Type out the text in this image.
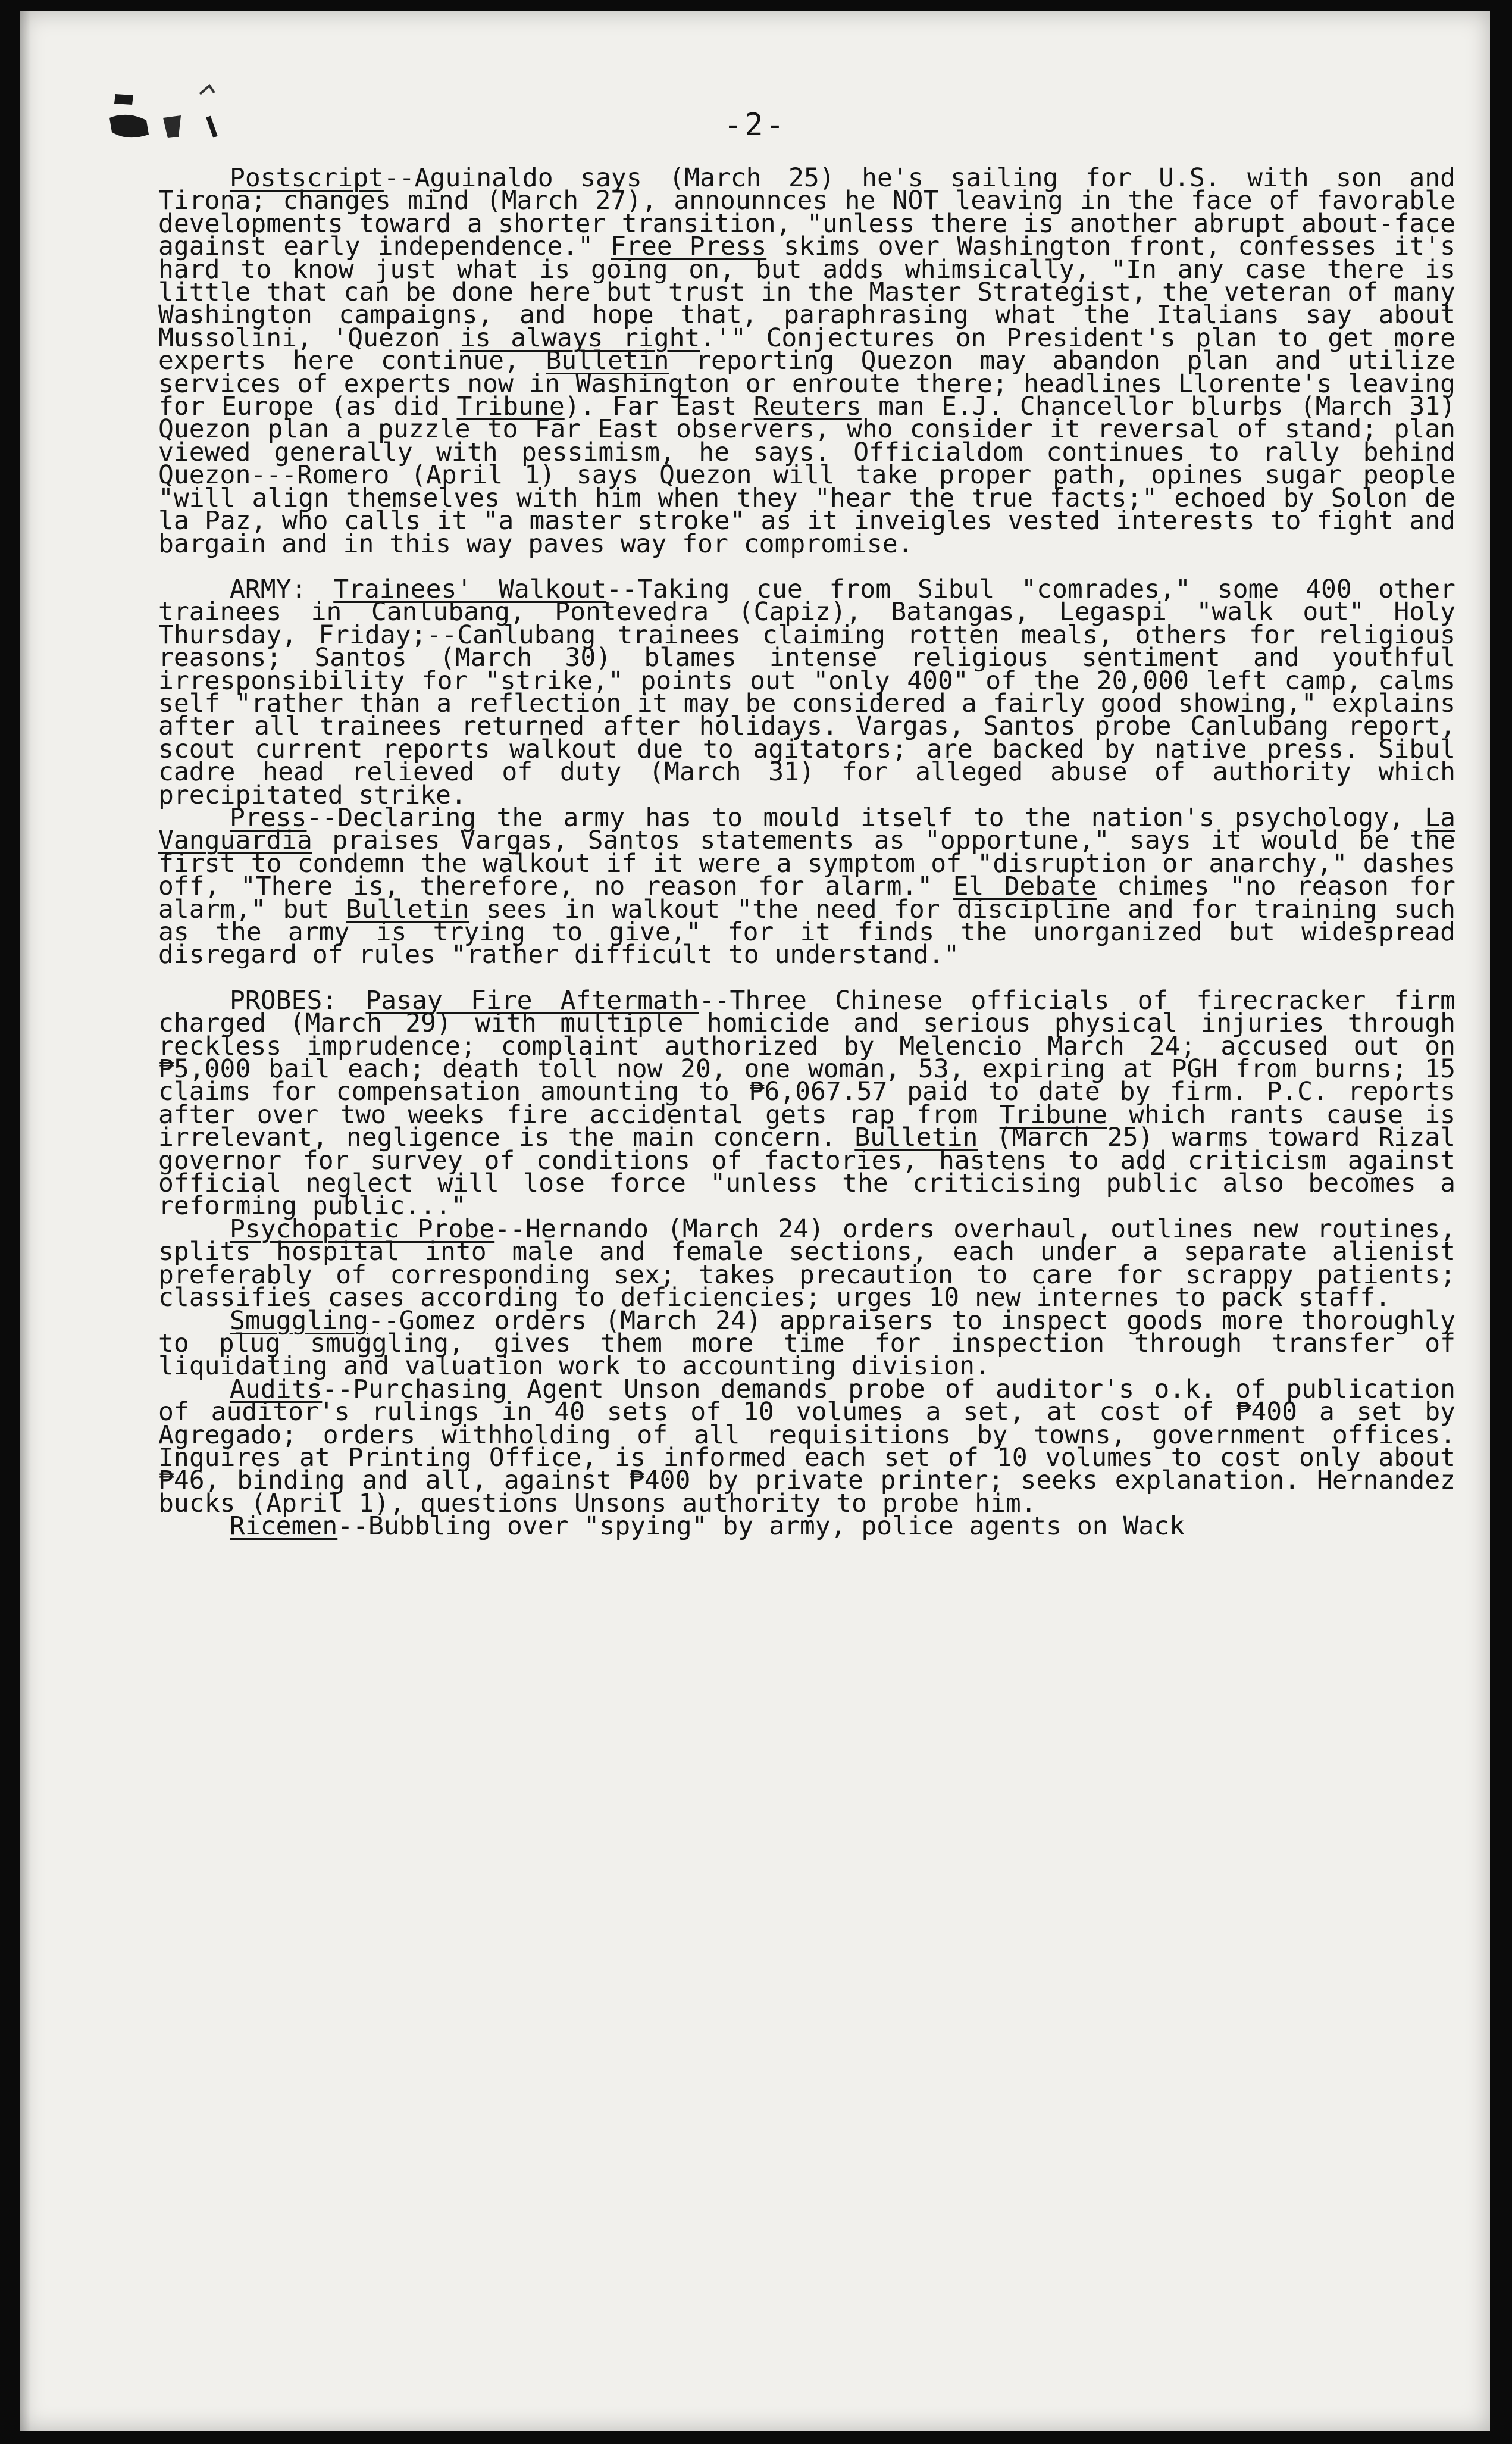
-2-

Postscript--Aguinaldo says (March 25) he's sailing for U.S. with son and Tirona; changes mind (March 27), announnces he NOT leaving in the face of favorable developments toward a shorter transition, "unless there is another abrupt about-face against early independence." Free Press skims over Washington front, confesses it's hard to know just what is going on, but adds whimsically, "In any case there is little that can be done here but trust in the Master Strategist, the veteran of many Washington campaigns, and hope that, paraphrasing what the Italians say about Mussolini, 'Quezon is always right.'" Conjectures on President's plan to get more experts here continue, Bulletin reporting Quezon may abandon plan and utilize services of experts now in Washington or enroute there; headlines Llorente's leaving for Europe (as did Tribune). Far East Reuters man E.J. Chancellor blurbs (March 31) Quezon plan a puzzle to Far East observers, who consider it reversal of stand; plan viewed generally with pessimism, he says. Officialdom continues to rally behind Quezon---Romero (April 1) says Quezon will take proper path, opines sugar people "will align themselves with him when they "hear the true facts;" echoed by Solon de la Paz, who calls it "a master stroke" as it inveigles vested interests to fight and bargain and in this way paves way for compromise.

ARMY: Trainees' Walkout--Taking cue from Sibul "comrades," some 400 other trainees in Canlubang, Pontevedra (Capiz), Batangas, Legaspi "walk out" Holy Thursday, Friday;--Canlubang trainees claiming rotten meals, others for religious reasons; Santos (March 30) blames intense religious sentiment and youthful irresponsibility for "strike," points out "only 400" of the 20,000 left camp, calms self "rather than a reflection it may be considered a fairly good showing," explains after all trainees returned after holidays. Vargas, Santos probe Canlubang report, scout current reports walkout due to agitators; are backed by native press. Sibul cadre head relieved of duty (March 31) for alleged abuse of authority which precipitated strike.

Press--Declaring the army has to mould itself to the nation's psychology, La Vanguardia praises Vargas, Santos statements as "opportune," says it would be the first to condemn the walkout if it were a symptom of "disruption or anarchy," dashes off, "There is, therefore, no reason for alarm." El Debate chimes "no reason for alarm," but Bulletin sees in walkout "the need for discipline and for training such as the army is trying to give," for it finds the unorganized but widespread disregard of rules "rather difficult to understand."

PROBES: Pasay Fire Aftermath--Three Chinese officials of firecracker firm charged (March 29) with multiple homicide and serious physical injuries through reckless imprudence; complaint authorized by Melencio March 24; accused out on ₱5,000 bail each; death toll now 20, one woman, 53, expiring at PGH from burns; 15 claims for compensation amounting to ₱6,067.57 paid to date by firm. P.C. reports after over two weeks fire accidental gets rap from Tribune which rants cause is irrelevant, negligence is the main concern. Bulletin (March 25) warms toward Rizal governor for survey of conditions of factories, hastens to add criticism against official neglect will lose force "unless the criticising public also becomes a reforming public..."

Psychopatic Probe--Hernando (March 24) orders overhaul, outlines new routines, splits hospital into male and female sections, each under a separate alienist preferably of corresponding sex; takes precaution to care for scrappy patients; classifies cases according to deficiencies; urges 10 new internes to pack staff.

Smuggling--Gomez orders (March 24) appraisers to inspect goods more thoroughly to plug smuggling, gives them more time for inspection through transfer of liquidating and valuation work to accounting division.

Audits--Purchasing Agent Unson demands probe of auditor's o.k. of publication of auditor's rulings in 40 sets of 10 volumes a set, at cost of ₱400 a set by Agregado; orders withholding of all requisitions by towns, government offices. Inquires at Printing Office, is informed each set of 10 volumes to cost only about ₱46, binding and all, against ₱400 by private printer; seeks explanation. Hernandez bucks (April 1), questions Unsons authority to probe him.

Ricemen--Bubbling over "spying" by army, police agents on Wack
